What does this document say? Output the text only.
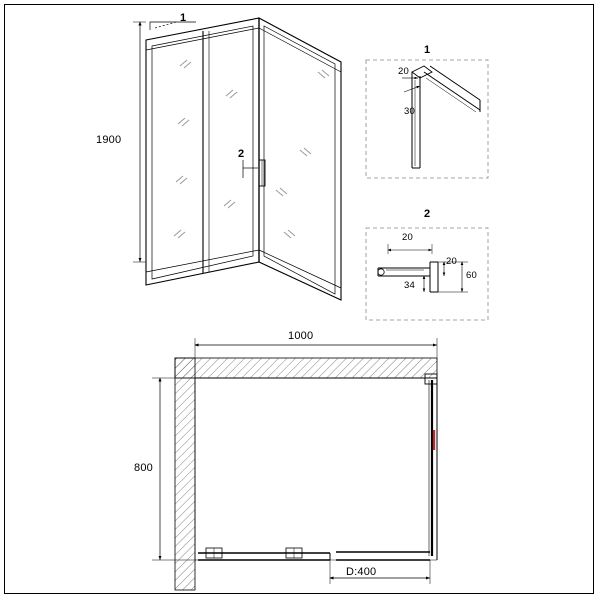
1
2
1900
1
20
30
2
20
20
34
60
1000
800
D:400
